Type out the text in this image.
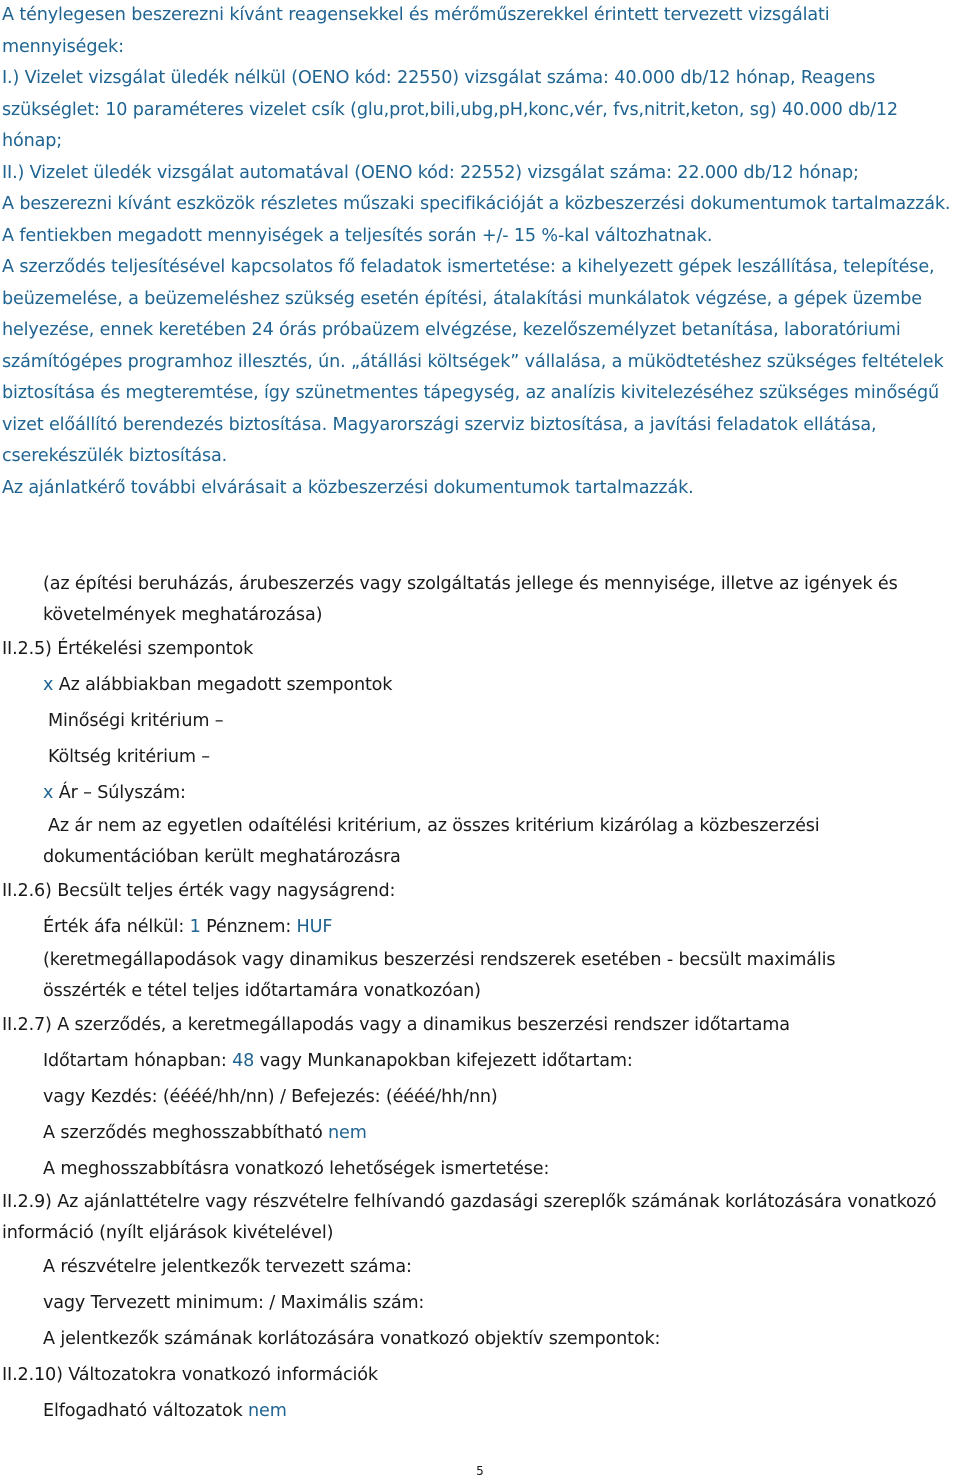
A ténylegesen beszerezni kívánt reagensekkel és mérőműszerekkel érintett tervezett vizsgálati mennyiségek:

I.) Vizelet vizsgálat üledék nélkül (OENO kód: 22550) vizsgálat száma: 40.000 db/12 hónap, Reagens szükséglet: 10 paraméteres vizelet csík (glu,prot,bili,ubg,pH,konc,vér, fvs,nitrit,keton, sg) 40.000 db/12 hónap;

II.) Vizelet üledék vizsgálat automatával (OENO kód: 22552) vizsgálat száma: 22.000 db/12 hónap;

A beszerezni kívánt eszközök részletes műszaki specifikációját a közbeszerzési dokumentumok tartalmazzák.

A fentiekben megadott mennyiségek a teljesítés során +/- 15 %-kal változhatnak.

A szerződés teljesítésével kapcsolatos fő feladatok ismertetése: a kihelyezett gépek leszállítása, telepítése, beüzemelése, a beüzemeléshez szükség esetén építési, átalakítási munkálatok végzése, a gépek üzembe helyezése, ennek keretében 24 órás próbaüzem elvégzése, kezelőszemélyzet betanítása, laboratóriumi számítógépes programhoz illesztés, ún. „átállási költségek” vállalása, a müködtetéshez szükséges feltételek biztosítása és megteremtése, így szünetmentes tápegység, az analízis kivitelezéséhez szükséges minőségű vizet előállító berendezés biztosítása. Magyarországi szerviz biztosítása, a javítási feladatok ellátása, cserekészülék biztosítása.

Az ajánlatkérő további elvárásait a közbeszerzési dokumentumok tartalmazzák.

(az építési beruházás, árubeszerzés vagy szolgáltatás jellege és mennyisége, illetve az igények és követelmények meghatározása)

II.2.5) Értékelési szempontok

x Az alábbiakban megadott szempontok

Minőségi kritérium –

Költség kritérium –

x Ár – Súlyszám:

Az ár nem az egyetlen odaítélési kritérium, az összes kritérium kizárólag a közbeszerzési dokumentációban került meghatározásra

II.2.6) Becsült teljes érték vagy nagyságrend:

Érték áfa nélkül: 1 Pénznem: HUF

(keretmegállapodások vagy dinamikus beszerzési rendszerek esetében - becsült maximális összérték e tétel teljes időtartamára vonatkozóan)

II.2.7) A szerződés, a keretmegállapodás vagy a dinamikus beszerzési rendszer időtartama

Időtartam hónapban: 48 vagy Munkanapokban kifejezett időtartam:

vagy Kezdés: (éééé/hh/nn) / Befejezés: (éééé/hh/nn)

A szerződés meghosszabbítható nem

A meghosszabbításra vonatkozó lehetőségek ismertetése:

II.2.9) Az ajánlattételre vagy részvételre felhívandó gazdasági szereplők számának korlátozására vonatkozó információ (nyílt eljárások kivételével)

A részvételre jelentkezők tervezett száma:

vagy Tervezett minimum: / Maximális szám:

A jelentkezők számának korlátozására vonatkozó objektív szempontok:

II.2.10) Változatokra vonatkozó információk

Elfogadható változatok nem

5
